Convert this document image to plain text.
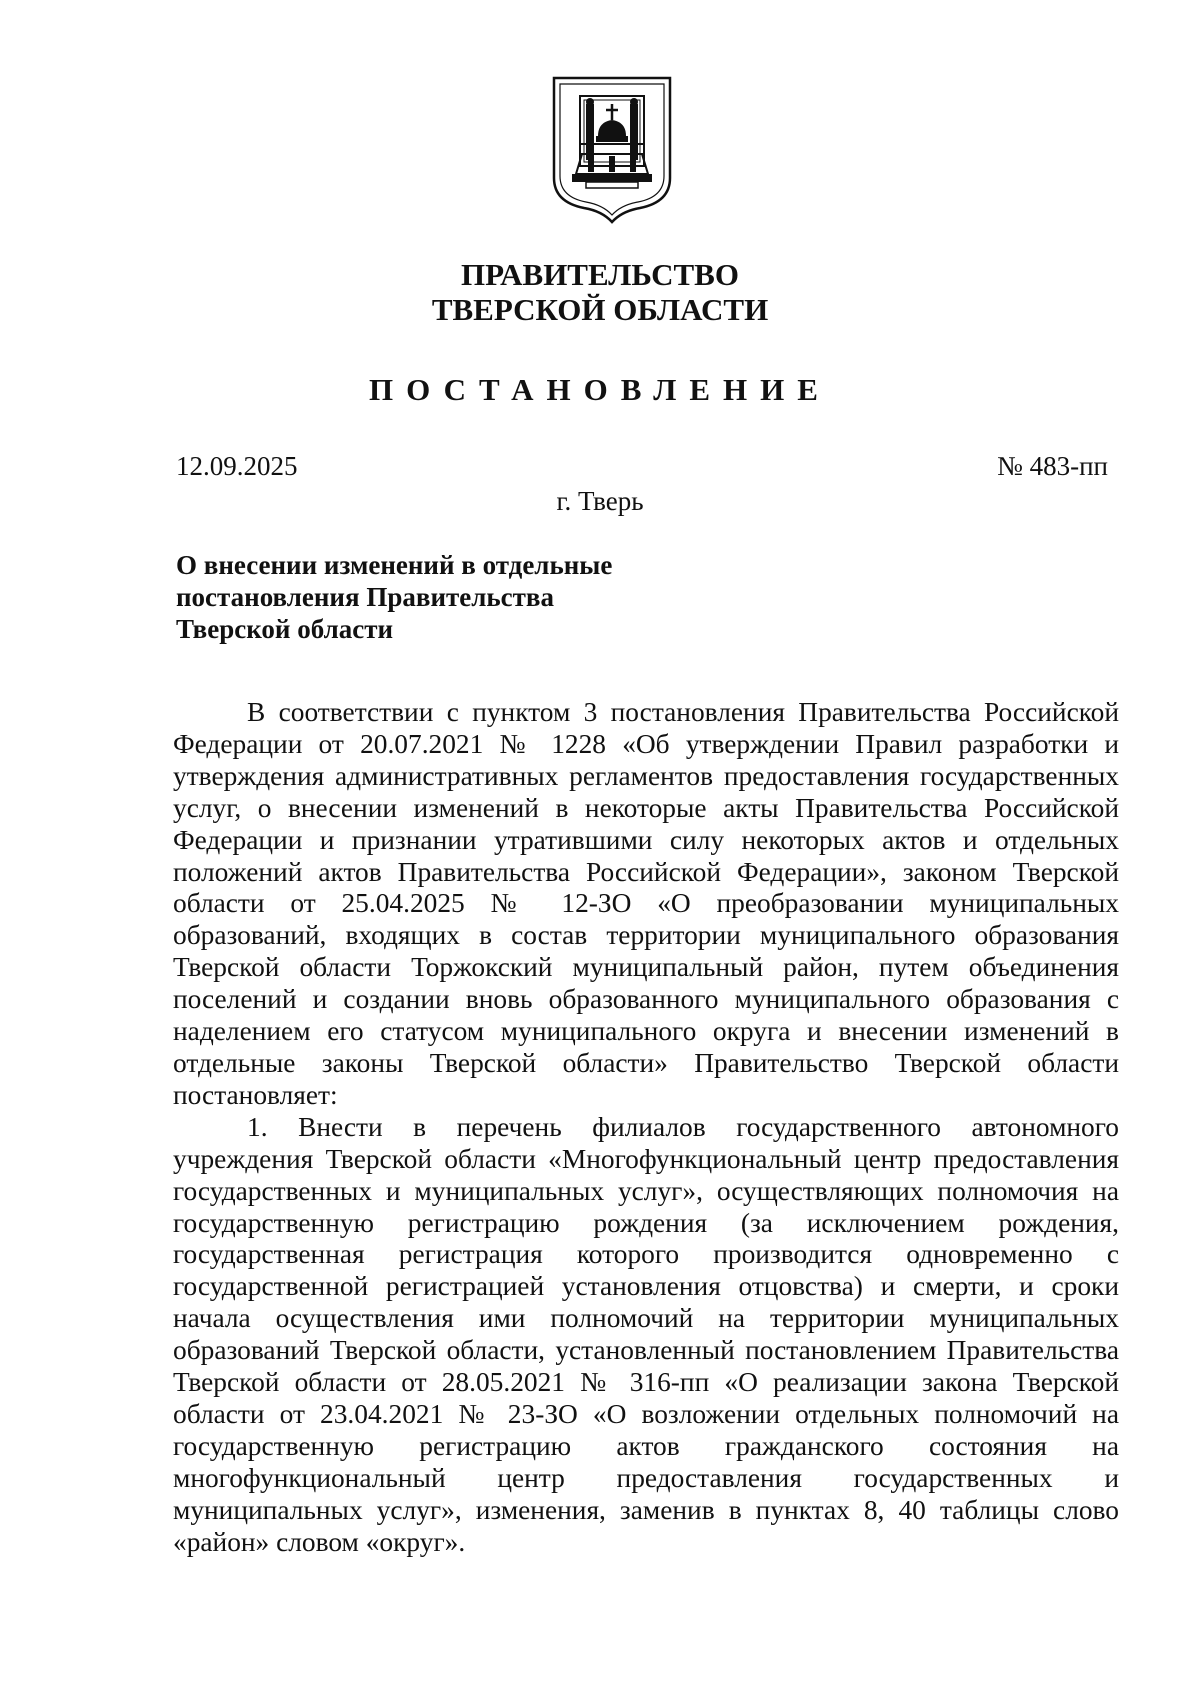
ПРАВИТЕЛЬСТВО
ТВЕРСКОЙ ОБЛАСТИ
ПОСТАНОВЛЕНИЕ
12.09.2025	№ 483-пп
г. Тверь
О внесении изменений в отдельные
постановления Правительства
Тверской области

В соответствии с пунктом 3 постановления Правительства Российской Федерации от 20.07.2021 № 1228 «Об утверждении Правил разработки и утверждения административных регламентов предоставления государственных услуг, о внесении изменений в некоторые акты Правительства Российской Федерации и признании утратившими силу некоторых актов и отдельных положений актов Правительства Российской Федерации», законом Тверской области от 25.04.2025 № 12-ЗО «О преобразовании муниципальных образований, входящих в состав территории муниципального образования Тверской области Торжокский муниципальный район, путем объединения поселений и создании вновь образованного муниципального образования с наделением его статусом муниципального округа и внесении изменений в отдельные законы Тверской области» Правительство Тверской области постановляет:

1. Внести в перечень филиалов государственного автономного учреждения Тверской области «Многофункциональный центр предоставления государственных и муниципальных услуг», осуществляющих полномочия на государственную регистрацию рождения (за исключением рождения, государственная регистрация которого производится одновременно с государственной регистрацией установления отцовства) и смерти, и сроки начала осуществления ими полномочий на территории муниципальных образований Тверской области, установленный постановлением Правительства Тверской области от 28.05.2021 № 316-пп «О реализации закона Тверской области от 23.04.2021 № 23-ЗО «О возложении отдельных полномочий на государственную регистрацию актов гражданского состояния на многофункциональный центр предоставления государственных и муниципальных услуг», изменения, заменив в пунктах 8, 40 таблицы слово «район» словом «округ».
